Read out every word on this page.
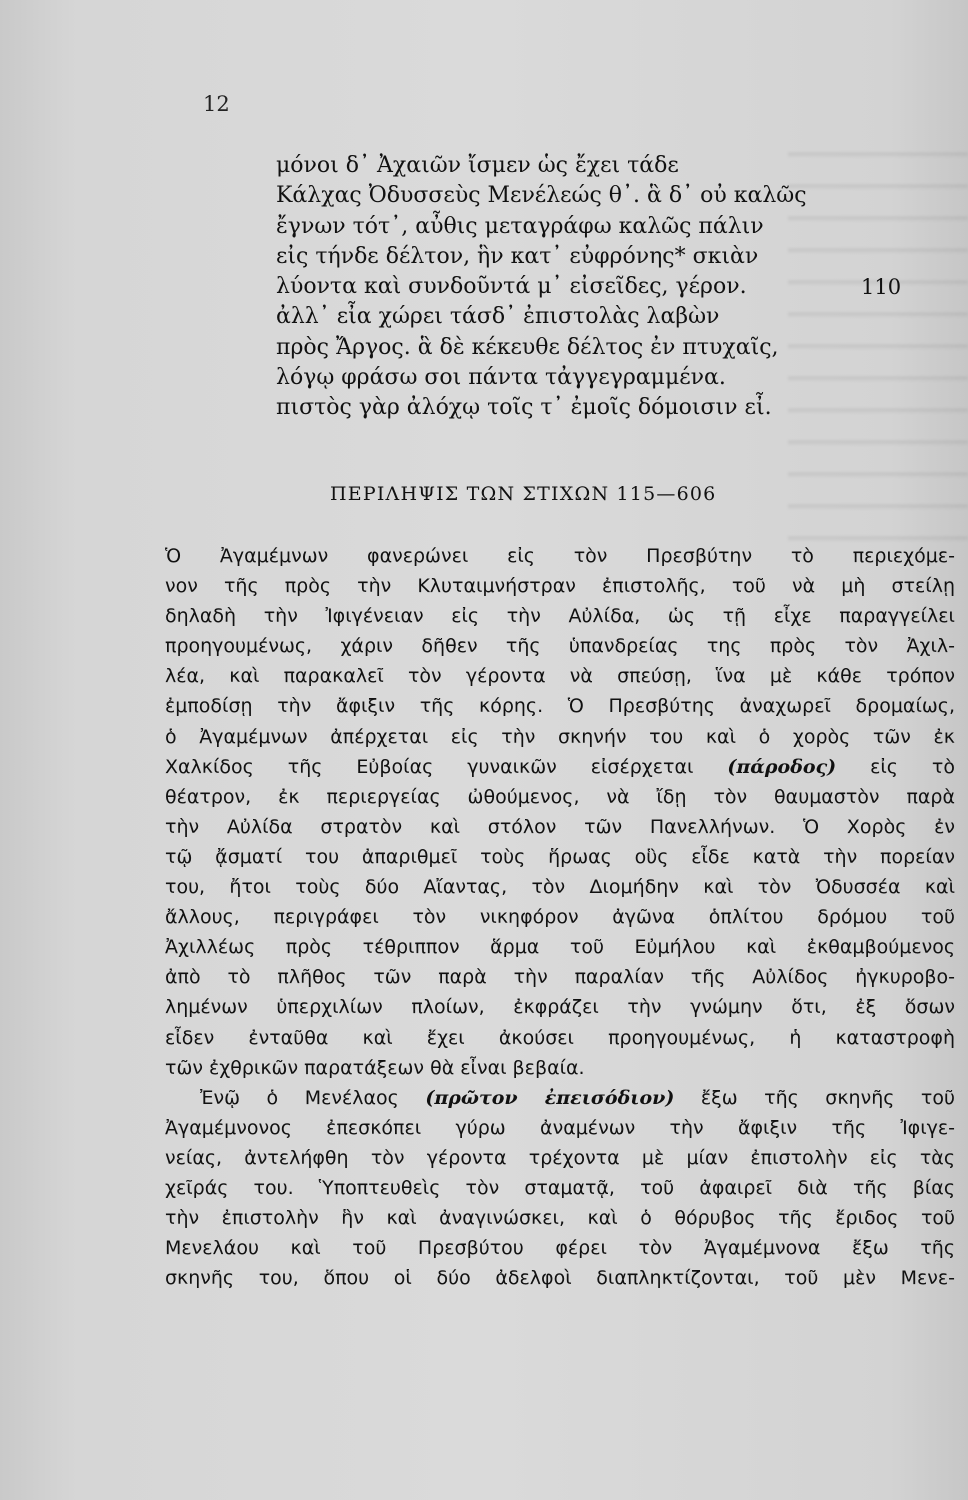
12
μόνοι δ᾽ Ἀχαιῶν ἴσμεν ὡς ἔχει τάδε
Κάλχας Ὀδυσσεὺς Μενέλεώς θ᾽. ἃ δ᾽ οὐ καλῶς
ἔγνων τότ᾽, αὖθις μεταγράφω καλῶς πάλιν
εἰς τήνδε δέλτον, ἣν κατ᾽ εὐφρόνης* σκιὰν
λύοντα καὶ συνδοῦντά μ᾽ εἰσεῖδες, γέρον.	110
ἀλλ᾽ εἶα χώρει τάσδ᾽ ἐπιστολὰς λαβὼν
πρὸς Ἄργος. ἃ δὲ κέκευθε δέλτος ἐν πτυχαῖς,
λόγῳ φράσω σοι πάντα τἀγγεγραμμένα.
πιστὸς γὰρ ἀλόχῳ τοῖς τ᾽ ἐμοῖς δόμοισιν εἶ.
ΠΕΡΙΛΗΨΙΣ ΤΩΝ ΣΤΙΧΩΝ 115—606
Ὁ Ἀγαμέμνων φανερώνει εἰς τὸν Πρεσβύτην τὸ περιεχόμε-
νον τῆς πρὸς τὴν Κλυταιμνήστραν ἐπιστολῆς, τοῦ νὰ μὴ στείλῃ
δηλαδὴ τὴν Ἰφιγένειαν εἰς τὴν Αὐλίδα, ὡς τῇ εἶχε παραγγείλει
προηγουμένως, χάριν δῆθεν τῆς ὑπανδρείας της πρὸς τὸν Ἀχιλ-
λέα, καὶ παρακαλεῖ τὸν γέροντα νὰ σπεύσῃ, ἵνα μὲ κάθε τρόπον
ἐμποδίσῃ τὴν ἄφιξιν τῆς κόρης. Ὁ Πρεσβύτης ἀναχωρεῖ δρομαίως,
ὁ Ἀγαμέμνων ἀπέρχεται εἰς τὴν σκηνήν του καὶ ὁ χορὸς τῶν ἐκ
Χαλκίδος τῆς Εὐβοίας γυναικῶν εἰσέρχεται (πάροδος) εἰς τὸ
θέατρον, ἐκ περιεργείας ὠθούμενος, νὰ ἴδῃ τὸν θαυμαστὸν παρὰ
τὴν Αὐλίδα στρατὸν καὶ στόλον τῶν Πανελλήνων. Ὁ Χορὸς ἐν
τῷ ᾄσματί του ἀπαριθμεῖ τοὺς ἥρωας οὓς εἶδε κατὰ τὴν πορείαν
του, ἤτοι τοὺς δύο Αἴαντας, τὸν Διομήδην καὶ τὸν Ὀδυσσέα καὶ
ἄλλους, περιγράφει τὸν νικηφόρον ἀγῶνα ὁπλίτου δρόμου τοῦ
Ἀχιλλέως πρὸς τέθριππον ἅρμα τοῦ Εὐμήλου καὶ ἐκθαμβούμενος
ἀπὸ τὸ πλῆθος τῶν παρὰ τὴν παραλίαν τῆς Αὐλίδος ἠγκυροβο-
λημένων ὑπερχιλίων πλοίων, ἐκφράζει τὴν γνώμην ὅτι, ἐξ ὅσων
εἶδεν ἐνταῦθα καὶ ἔχει ἀκούσει προηγουμένως, ἡ καταστροφὴ
τῶν ἐχθρικῶν παρατάξεων θὰ εἶναι βεβαία.
Ἐνῷ ὁ Μενέλαος (πρῶτον ἐπεισόδιον) ἔξω τῆς σκηνῆς τοῦ
Ἀγαμέμνονος ἐπεσκόπει γύρω ἀναμένων τὴν ἄφιξιν τῆς Ἰφιγε-
νείας, ἀντελήφθη τὸν γέροντα τρέχοντα μὲ μίαν ἐπιστολὴν εἰς τὰς
χεῖράς του. Ὑποπτευθεὶς τὸν σταματᾷ, τοῦ ἀφαιρεῖ διὰ τῆς βίας
τὴν ἐπιστολὴν ἣν καὶ ἀναγινώσκει, καὶ ὁ θόρυβος τῆς ἔριδος τοῦ
Μενελάου καὶ τοῦ Πρεσβύτου φέρει τὸν Ἀγαμέμνονα ἔξω τῆς
σκηνῆς του, ὅπου οἱ δύο ἀδελφοὶ διαπληκτίζονται, τοῦ μὲν Μενε-
